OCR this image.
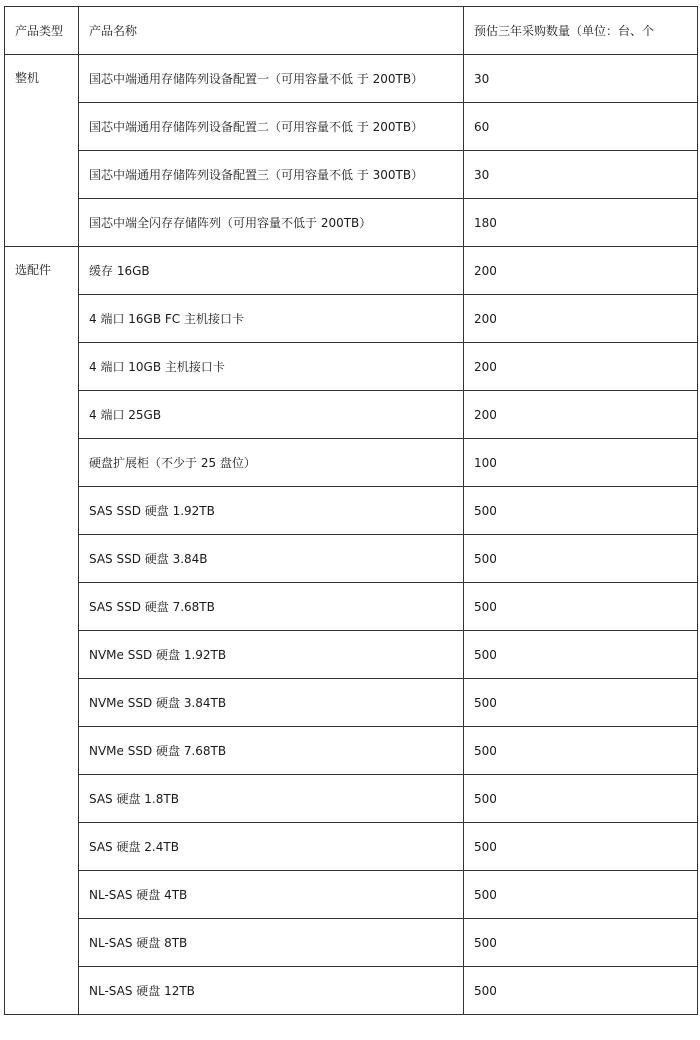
产品类型	产品名称	预估三年采购数量（单位：台、个
整机	国芯中端通用存储阵列设备配置一（可用容量不低 于 200TB）	30
	国芯中端通用存储阵列设备配置二（可用容量不低 于 200TB）	60
	国芯中端通用存储阵列设备配置三（可用容量不低 于 300TB）	30
	国芯中端全闪存存储阵列（可用容量不低于 200TB）	180
选配件	缓存 16GB	200
	4 端口 16GB FC 主机接口卡	200
	4 端口 10GB 主机接口卡	200
	4 端口 25GB	200
	硬盘扩展柜（不少于 25 盘位）	100
	SAS SSD 硬盘 1.92TB	500
	SAS SSD 硬盘 3.84B	500
	SAS SSD 硬盘 7.68TB	500
	NVMe SSD 硬盘 1.92TB	500
	NVMe SSD 硬盘 3.84TB	500
	NVMe SSD 硬盘 7.68TB	500
	SAS 硬盘 1.8TB	500
	SAS 硬盘 2.4TB	500
	NL-SAS 硬盘 4TB	500
	NL-SAS 硬盘 8TB	500
	NL-SAS 硬盘 12TB	500
